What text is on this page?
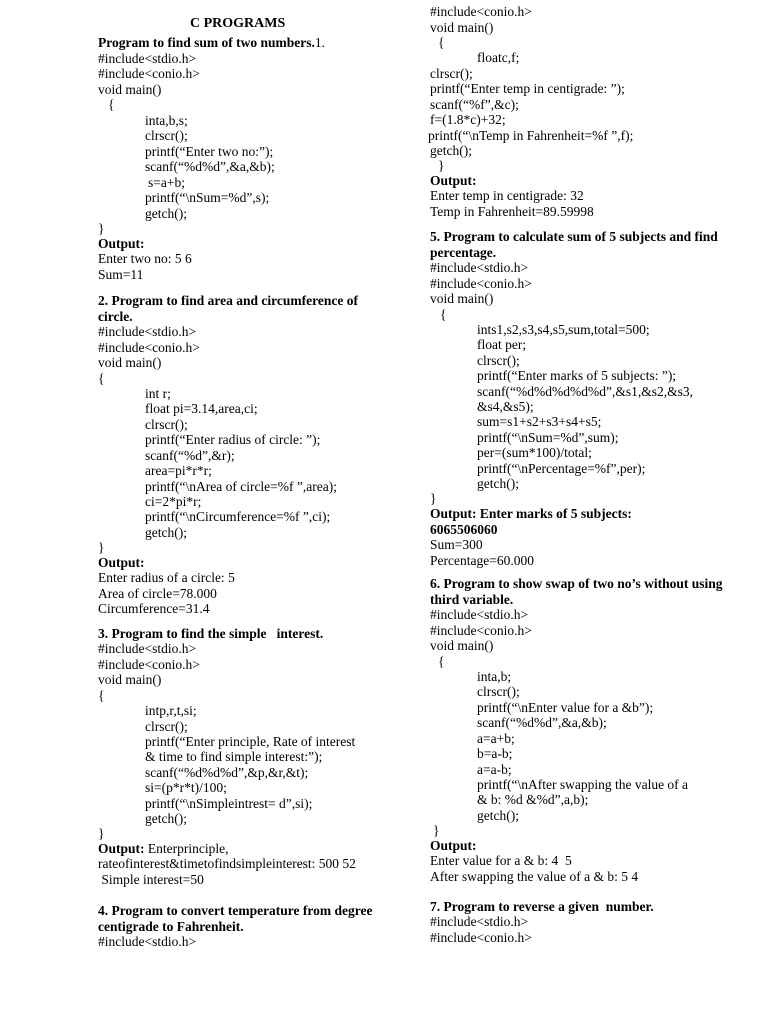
C PROGRAMS
Program to find sum of two numbers.1.
#include<stdio.h>
#include<conio.h>
void main()
{
inta,b,s;
clrscr();
printf(“Enter two no:”);
scanf(“%d%d”,&a,&b);
s=a+b;
printf(“\nSum=%d”,s);
getch();
}
Output:
Enter two no: 5 6
Sum=11
2. Program to find area and circumference of
circle.
#include<stdio.h>
#include<conio.h>
void main()
{
int r;
float pi=3.14,area,ci;
clrscr();
printf(“Enter radius of circle: ”);
scanf(“%d”,&r);
area=pi*r*r;
printf(“\nArea of circle=%f ”,area);
ci=2*pi*r;
printf(“\nCircumference=%f ”,ci);
getch();
}
Output:
Enter radius of a circle: 5
Area of circle=78.000
Circumference=31.4
3. Program to find the simple   interest.
#include<stdio.h>
#include<conio.h>
void main()
{
intp,r,t,si;
clrscr();
printf(“Enter principle, Rate of interest
& time to find simple interest:”);
scanf(“%d%d%d”,&p,&r,&t);
si=(p*r*t)/100;
printf(“\nSimpleintrest= d”,si);
getch();
}
Output: Enterprinciple,
rateofinterest&timetofindsimpleinterest: 500 52
Simple interest=50
4. Program to convert temperature from degree
centigrade to Fahrenheit.
#include<stdio.h>
#include<conio.h>
void main()
{
floatc,f;
clrscr();
printf(“Enter temp in centigrade: ”);
scanf(“%f”,&c);
f=(1.8*c)+32;
printf(“\nTemp in Fahrenheit=%f ”,f);
getch();
}
Output:
Enter temp in centigrade: 32
Temp in Fahrenheit=89.59998
5. Program to calculate sum of 5 subjects and find
percentage.
#include<stdio.h>
#include<conio.h>
void main()
{
ints1,s2,s3,s4,s5,sum,total=500;
float per;
clrscr();
printf(“Enter marks of 5 subjects: ”);
scanf(“%d%d%d%d%d”,&s1,&s2,&s3,
&s4,&s5);
sum=s1+s2+s3+s4+s5;
printf(“\nSum=%d”,sum);
per=(sum*100)/total;
printf(“\nPercentage=%f”,per);
getch();
}
Output: Enter marks of 5 subjects:
6065506060
Sum=300
Percentage=60.000
6. Program to show swap of two no’s without using
third variable.
#include<stdio.h>
#include<conio.h>
void main()
{
inta,b;
clrscr();
printf(“\nEnter value for a &b”);
scanf(“%d%d”,&a,&b);
a=a+b;
b=a-b;
a=a-b;
printf(“\nAfter swapping the value of a
& b: %d &%d”,a,b);
getch();
}
Output:
Enter value for a & b: 4  5
After swapping the value of a & b: 5 4
7. Program to reverse a given  number.
#include<stdio.h>
#include<conio.h>
